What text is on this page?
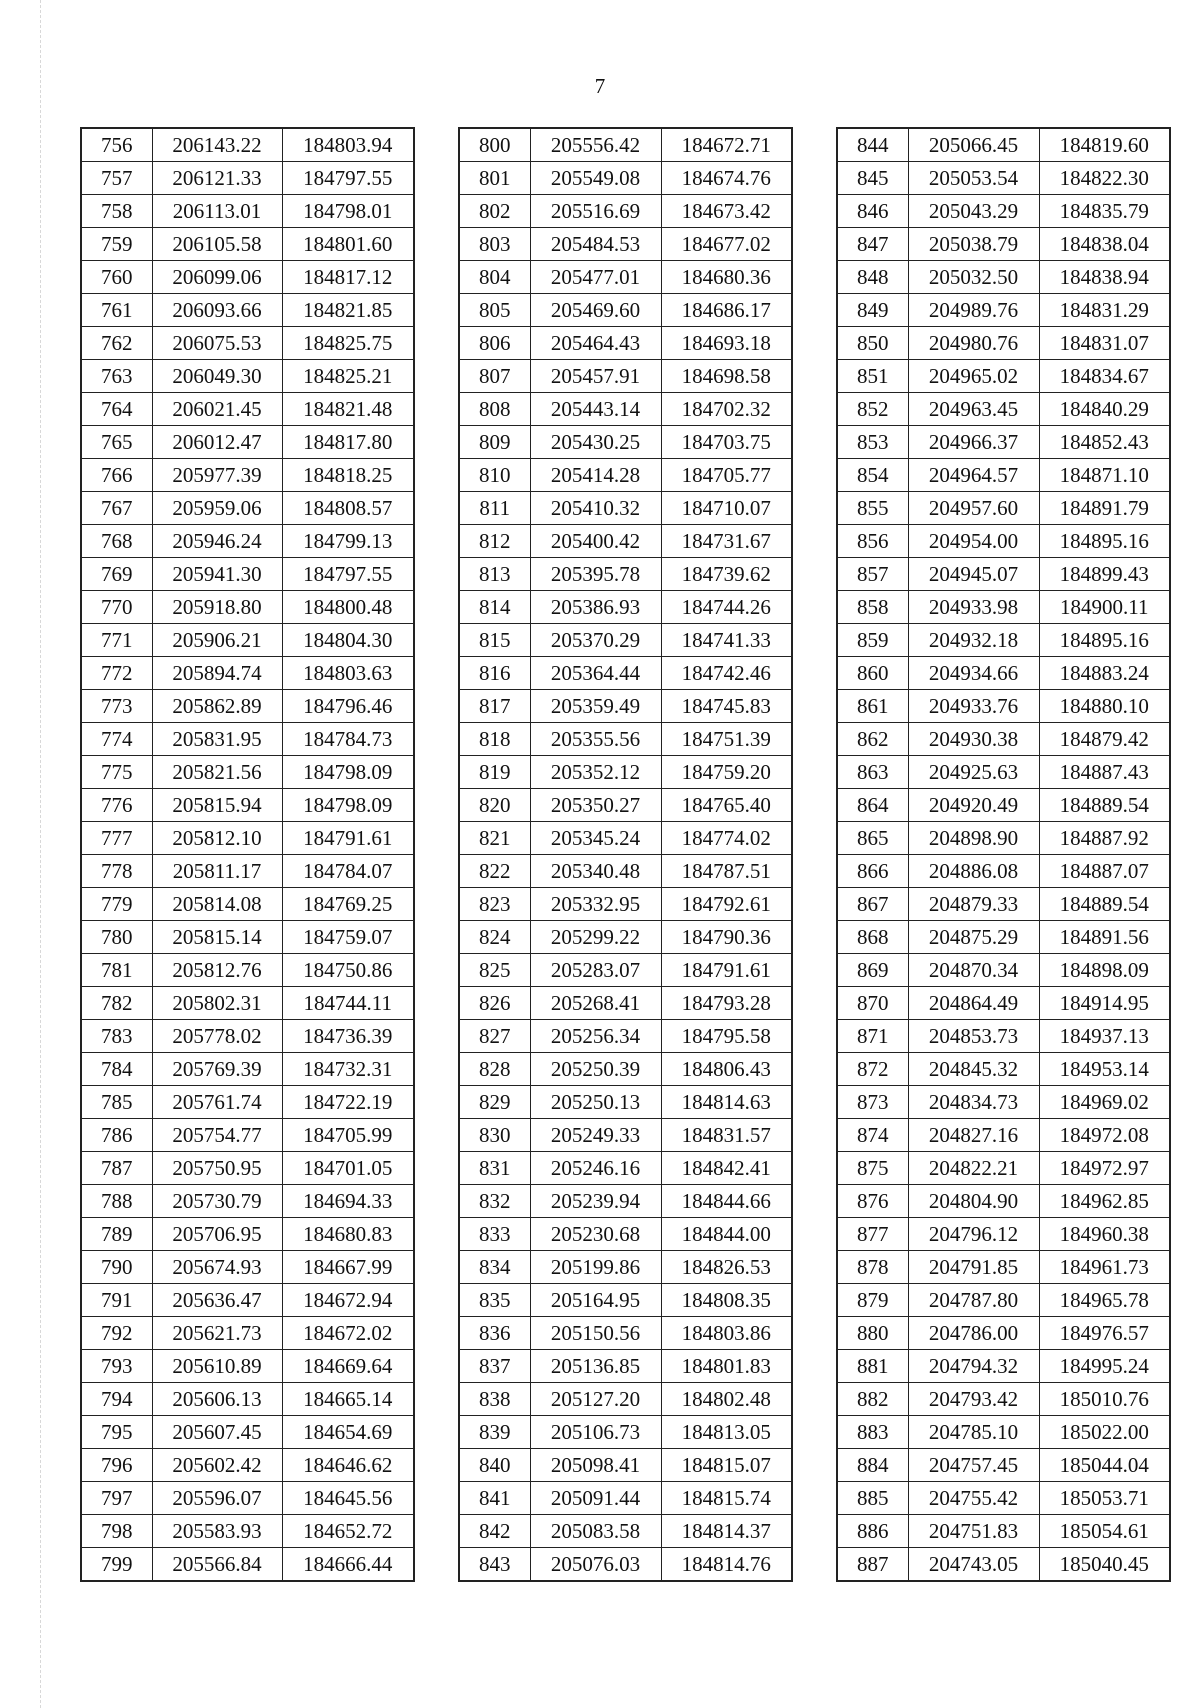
7
756	206143.22	184803.94
757	206121.33	184797.55
758	206113.01	184798.01
759	206105.58	184801.60
760	206099.06	184817.12
761	206093.66	184821.85
762	206075.53	184825.75
763	206049.30	184825.21
764	206021.45	184821.48
765	206012.47	184817.80
766	205977.39	184818.25
767	205959.06	184808.57
768	205946.24	184799.13
769	205941.30	184797.55
770	205918.80	184800.48
771	205906.21	184804.30
772	205894.74	184803.63
773	205862.89	184796.46
774	205831.95	184784.73
775	205821.56	184798.09
776	205815.94	184798.09
777	205812.10	184791.61
778	205811.17	184784.07
779	205814.08	184769.25
780	205815.14	184759.07
781	205812.76	184750.86
782	205802.31	184744.11
783	205778.02	184736.39
784	205769.39	184732.31
785	205761.74	184722.19
786	205754.77	184705.99
787	205750.95	184701.05
788	205730.79	184694.33
789	205706.95	184680.83
790	205674.93	184667.99
791	205636.47	184672.94
792	205621.73	184672.02
793	205610.89	184669.64
794	205606.13	184665.14
795	205607.45	184654.69
796	205602.42	184646.62
797	205596.07	184645.56
798	205583.93	184652.72
799	205566.84	184666.44
800	205556.42	184672.71
801	205549.08	184674.76
802	205516.69	184673.42
803	205484.53	184677.02
804	205477.01	184680.36
805	205469.60	184686.17
806	205464.43	184693.18
807	205457.91	184698.58
808	205443.14	184702.32
809	205430.25	184703.75
810	205414.28	184705.77
811	205410.32	184710.07
812	205400.42	184731.67
813	205395.78	184739.62
814	205386.93	184744.26
815	205370.29	184741.33
816	205364.44	184742.46
817	205359.49	184745.83
818	205355.56	184751.39
819	205352.12	184759.20
820	205350.27	184765.40
821	205345.24	184774.02
822	205340.48	184787.51
823	205332.95	184792.61
824	205299.22	184790.36
825	205283.07	184791.61
826	205268.41	184793.28
827	205256.34	184795.58
828	205250.39	184806.43
829	205250.13	184814.63
830	205249.33	184831.57
831	205246.16	184842.41
832	205239.94	184844.66
833	205230.68	184844.00
834	205199.86	184826.53
835	205164.95	184808.35
836	205150.56	184803.86
837	205136.85	184801.83
838	205127.20	184802.48
839	205106.73	184813.05
840	205098.41	184815.07
841	205091.44	184815.74
842	205083.58	184814.37
843	205076.03	184814.76
844	205066.45	184819.60
845	205053.54	184822.30
846	205043.29	184835.79
847	205038.79	184838.04
848	205032.50	184838.94
849	204989.76	184831.29
850	204980.76	184831.07
851	204965.02	184834.67
852	204963.45	184840.29
853	204966.37	184852.43
854	204964.57	184871.10
855	204957.60	184891.79
856	204954.00	184895.16
857	204945.07	184899.43
858	204933.98	184900.11
859	204932.18	184895.16
860	204934.66	184883.24
861	204933.76	184880.10
862	204930.38	184879.42
863	204925.63	184887.43
864	204920.49	184889.54
865	204898.90	184887.92
866	204886.08	184887.07
867	204879.33	184889.54
868	204875.29	184891.56
869	204870.34	184898.09
870	204864.49	184914.95
871	204853.73	184937.13
872	204845.32	184953.14
873	204834.73	184969.02
874	204827.16	184972.08
875	204822.21	184972.97
876	204804.90	184962.85
877	204796.12	184960.38
878	204791.85	184961.73
879	204787.80	184965.78
880	204786.00	184976.57
881	204794.32	184995.24
882	204793.42	185010.76
883	204785.10	185022.00
884	204757.45	185044.04
885	204755.42	185053.71
886	204751.83	185054.61
887	204743.05	185040.45
